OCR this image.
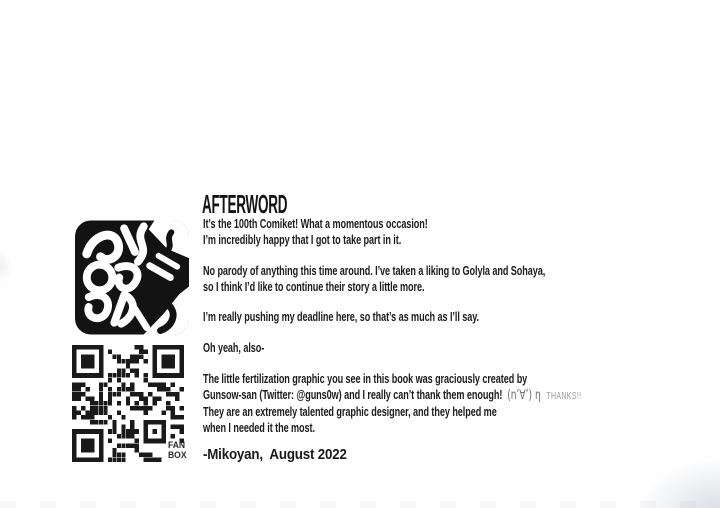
FAN
BOX
AFTERWORD
It’s the 100th Comiket! What a momentous occasion!
I’m incredibly happy that I got to take part in it.
No parody of anything this time around. I’ve taken a liking to Golyla and Sohaya,
so I think I’d like to continue their story a little more.
I’m really pushing my deadline here, so that’s as much as I’ll say.
Oh yeah, also-
The little fertilization graphic you see in this book was graciously created by
Gunsow-san (Twitter: @guns0w) and I really can’t thank them enough! (n’∀’) η THANKS!!
They are an extremely talented graphic designer, and they helped me
when I needed it the most.
-Mikoyan,  August 2022
